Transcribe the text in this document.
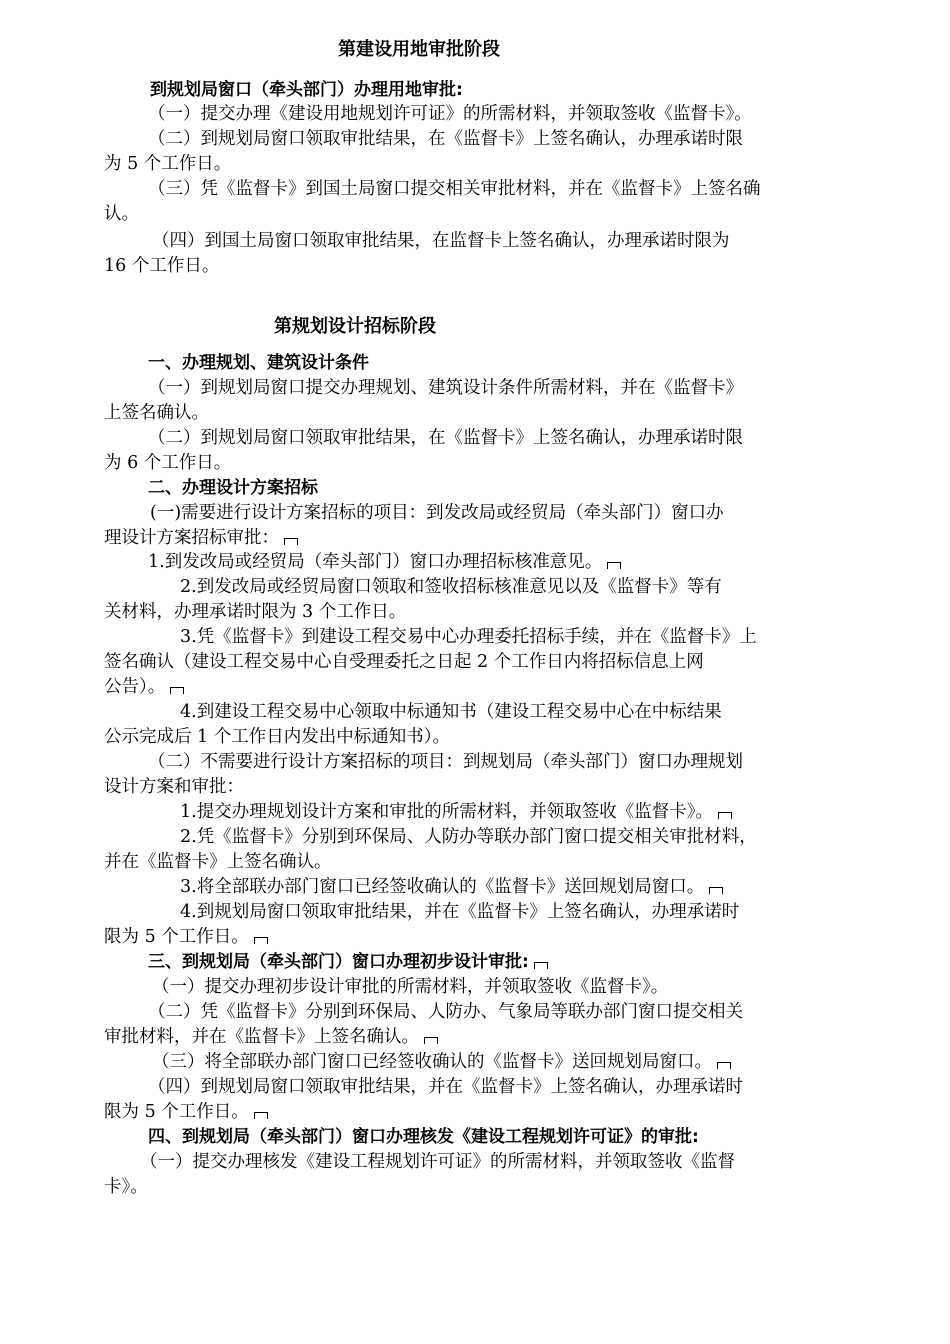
第建设用地审批阶段
到规划局窗口（牵头部门）办理用地审批:
（一）提交办理《建设用地规划许可证》的所需材料，并领取签收《监督卡》。
（二）到规划局窗口领取审批结果，在《监督卡》上签名确认，办理承诺时限
为 5 个工作日。
（三）凭《监督卡》到国土局窗口提交相关审批材料，并在《监督卡》上签名确
认。
（四）到国土局窗口领取审批结果，在监督卡上签名确认，办理承诺时限为
16 个工作日。
第规划设计招标阶段
一、办理规划、建筑设计条件
（一）到规划局窗口提交办理规划、建筑设计条件所需材料，并在《监督卡》
上签名确认。
（二）到规划局窗口领取审批结果，在《监督卡》上签名确认，办理承诺时限
为 6 个工作日。
二、办理设计方案招标
(一)需要进行设计方案招标的项目：到发改局或经贸局（牵头部门）窗口办
理设计方案招标审批：
1.到发改局或经贸局（牵头部门）窗口办理招标核准意见。
2.到发改局或经贸局窗口领取和签收招标核准意见以及《监督卡》等有
关材料，办理承诺时限为 3 个工作日。
3.凭《监督卡》到建设工程交易中心办理委托招标手续，并在《监督卡》上
签名确认（建设工程交易中心自受理委托之日起 2 个工作日内将招标信息上网
公告）。
4.到建设工程交易中心领取中标通知书（建设工程交易中心在中标结果
公示完成后 1 个工作日内发出中标通知书）。
（二）不需要进行设计方案招标的项目：到规划局（牵头部门）窗口办理规划
设计方案和审批：
1.提交办理规划设计方案和审批的所需材料，并领取签收《监督卡》。
2.凭《监督卡》分别到环保局、人防办等联办部门窗口提交相关审批材料，
并在《监督卡》上签名确认。
3.将全部联办部门窗口已经签收确认的《监督卡》送回规划局窗口。
4.到规划局窗口领取审批结果，并在《监督卡》上签名确认，办理承诺时
限为 5 个工作日。
三、到规划局（牵头部门）窗口办理初步设计审批:
（一）提交办理初步设计审批的所需材料，并领取签收《监督卡》。
（二）凭《监督卡》分别到环保局、人防办、气象局等联办部门窗口提交相关
审批材料，并在《监督卡》上签名确认。
（三）将全部联办部门窗口已经签收确认的《监督卡》送回规划局窗口。
（四）到规划局窗口领取审批结果，并在《监督卡》上签名确认，办理承诺时
限为 5 个工作日。
四、到规划局（牵头部门）窗口办理核发《建设工程规划许可证》的审批:
（一）提交办理核发《建设工程规划许可证》的所需材料，并领取签收《监督
卡》。
